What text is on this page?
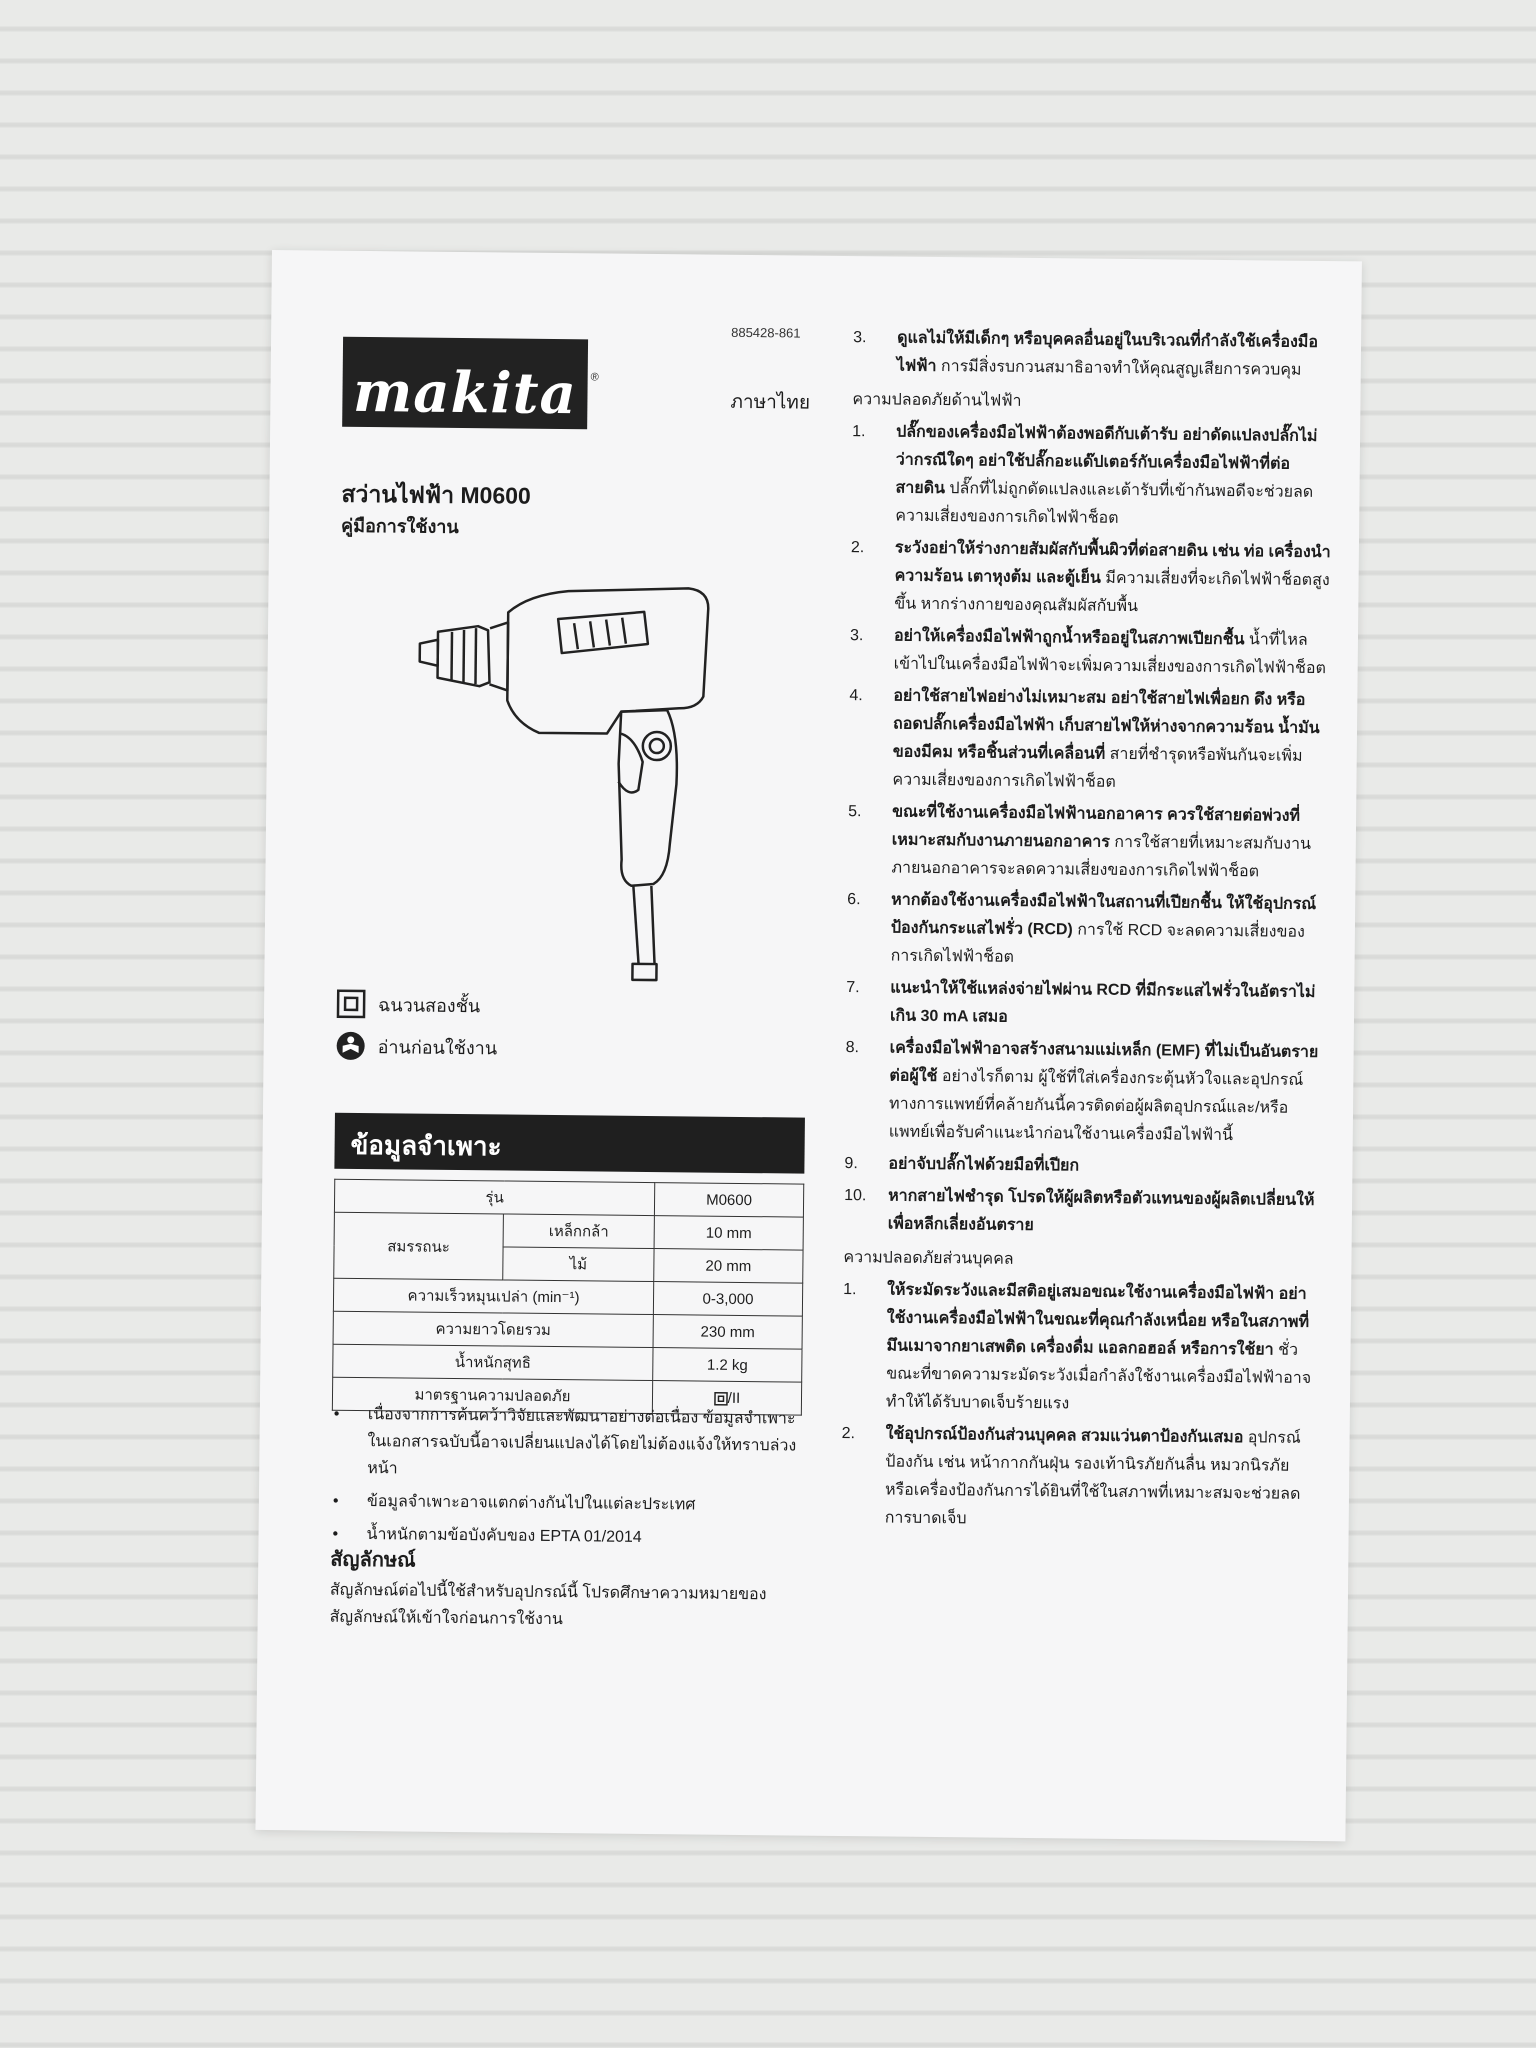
885428-861
makita	®
ภาษาไทย
สว่านไฟฟ้า M0600
คู่มือการใช้งาน
ฉนวนสองชั้น
อ่านก่อนใช้งาน
ข้อมูลจำเพาะ
รุ่น		M0600
สมรรถนะ	เหล็กกล้า	10 mm
	ไม้	20 mm
ความเร็วหมุนเปล่า (min⁻¹)		0-3,000
ความยาวโดยรวม		230 mm
น้ำหนักสุทธิ		1.2 kg
มาตรฐานความปลอดภัย		/II
• เนื่องจากการค้นคว้าวิจัยและพัฒนาอย่างต่อเนื่อง ข้อมูลจำเพาะในเอกสารฉบับนี้อาจเปลี่ยนแปลงได้โดยไม่ต้องแจ้งให้ทราบล่วงหน้า
• ข้อมูลจำเพาะอาจแตกต่างกันไปในแต่ละประเทศ
• น้ำหนักตามข้อบังคับของ EPTA 01/2014
สัญลักษณ์
สัญลักษณ์ต่อไปนี้ใช้สำหรับอุปกรณ์นี้ โปรดศึกษาความหมายของสัญลักษณ์ให้เข้าใจก่อนการใช้งาน
3.	ดูแลไม่ให้มีเด็กๆ หรือบุคคลอื่นอยู่ในบริเวณที่กำลังใช้เครื่องมือไฟฟ้า การมีสิ่งรบกวนสมาธิอาจทำให้คุณสูญเสียการควบคุม
ความปลอดภัยด้านไฟฟ้า
1.	ปลั๊กของเครื่องมือไฟฟ้าต้องพอดีกับเต้ารับ อย่าดัดแปลงปลั๊กไม่ว่ากรณีใดๆ อย่าใช้ปลั๊กอะแด๊ปเตอร์กับเครื่องมือไฟฟ้าที่ต่อสายดิน ปลั๊กที่ไม่ถูกดัดแปลงและเต้ารับที่เข้ากันพอดีจะช่วยลดความเสี่ยงของการเกิดไฟฟ้าช็อต
2.	ระวังอย่าให้ร่างกายสัมผัสกับพื้นผิวที่ต่อสายดิน เช่น ท่อ เครื่องนำความร้อน เตาหุงต้ม และตู้เย็น มีความเสี่ยงที่จะเกิดไฟฟ้าช็อตสูงขึ้น หากร่างกายของคุณสัมผัสกับพื้น
3.	อย่าให้เครื่องมือไฟฟ้าถูกน้ำหรืออยู่ในสภาพเปียกชื้น น้ำที่ไหลเข้าไปในเครื่องมือไฟฟ้าจะเพิ่มความเสี่ยงของการเกิดไฟฟ้าช็อต
4.	อย่าใช้สายไฟอย่างไม่เหมาะสม อย่าใช้สายไฟเพื่อยก ดึง หรือถอดปลั๊กเครื่องมือไฟฟ้า เก็บสายไฟให้ห่างจากความร้อน น้ำมัน ของมีคม หรือชิ้นส่วนที่เคลื่อนที่ สายที่ชำรุดหรือพันกันจะเพิ่มความเสี่ยงของการเกิดไฟฟ้าช็อต
5.	ขณะที่ใช้งานเครื่องมือไฟฟ้านอกอาคาร ควรใช้สายต่อพ่วงที่เหมาะสมกับงานภายนอกอาคาร การใช้สายที่เหมาะสมกับงานภายนอกอาคารจะลดความเสี่ยงของการเกิดไฟฟ้าช็อต
6.	หากต้องใช้งานเครื่องมือไฟฟ้าในสถานที่เปียกชื้น ให้ใช้อุปกรณ์ป้องกันกระแสไฟรั่ว (RCD) การใช้ RCD จะลดความเสี่ยงของการเกิดไฟฟ้าช็อต
7.	แนะนำให้ใช้แหล่งจ่ายไฟผ่าน RCD ที่มีกระแสไฟรั่วในอัตราไม่เกิน 30 mA เสมอ
8.	เครื่องมือไฟฟ้าอาจสร้างสนามแม่เหล็ก (EMF) ที่ไม่เป็นอันตรายต่อผู้ใช้ อย่างไรก็ตาม ผู้ใช้ที่ใส่เครื่องกระตุ้นหัวใจและอุปกรณ์ทางการแพทย์ที่คล้ายกันนี้ควรติดต่อผู้ผลิตอุปกรณ์และ/หรือแพทย์เพื่อรับคำแนะนำก่อนใช้งานเครื่องมือไฟฟ้านี้
9.	อย่าจับปลั๊กไฟด้วยมือที่เปียก
10.	หากสายไฟชำรุด โปรดให้ผู้ผลิตหรือตัวแทนของผู้ผลิตเปลี่ยนให้ เพื่อหลีกเลี่ยงอันตราย
ความปลอดภัยส่วนบุคคล
1.	ให้ระมัดระวังและมีสติอยู่เสมอขณะใช้งานเครื่องมือไฟฟ้า อย่าใช้งานเครื่องมือไฟฟ้าในขณะที่คุณกำลังเหนื่อย หรือในสภาพที่มึนเมาจากยาเสพติด เครื่องดื่ม แอลกอฮอล์ หรือการใช้ยา ชั่วขณะที่ขาดความระมัดระวังเมื่อกำลังใช้งานเครื่องมือไฟฟ้าอาจทำให้ได้รับบาดเจ็บร้ายแรง
2.	ใช้อุปกรณ์ป้องกันส่วนบุคคล สวมแว่นตาป้องกันเสมอ อุปกรณ์ป้องกัน เช่น หน้ากากกันฝุ่น รองเท้านิรภัยกันลื่น หมวกนิรภัย หรือเครื่องป้องกันการได้ยินที่ใช้ในสภาพที่เหมาะสมจะช่วยลดการบาดเจ็บ
